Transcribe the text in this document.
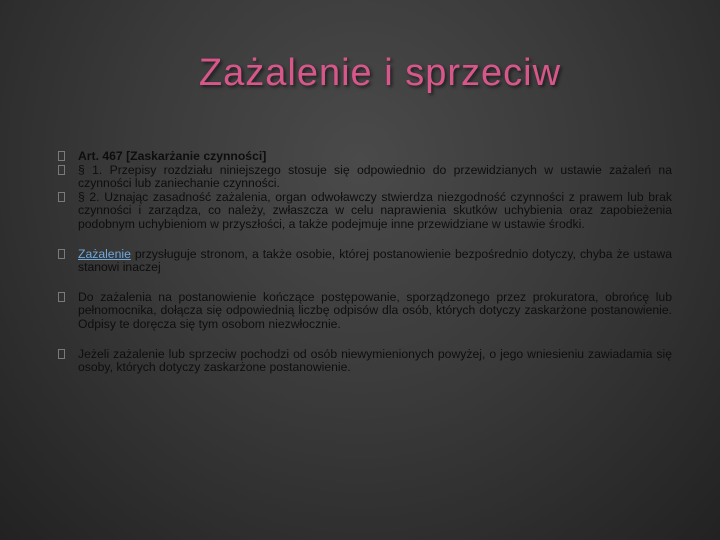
Zażalenie i sprzeciw
Art. 467 [Zaskarżanie czynności]
§ 1. Przepisy rozdziału niniejszego stosuje się odpowiednio do przewidzianych w ustawie zażaleń na czynności lub zaniechanie czynności.
§ 2. Uznając zasadność zażalenia, organ odwoławczy stwierdza niezgodność czynności z prawem lub brak czynności i zarządza, co należy, zwłaszcza w celu naprawienia skutków uchybienia oraz zapobieżenia podobnym uchybieniom w przyszłości, a także podejmuje inne przewidziane w ustawie środki.
Zażalenie przysługuje stronom, a także osobie, której postanowienie bezpośrednio dotyczy, chyba że ustawa stanowi inaczej
Do zażalenia na postanowienie kończące postępowanie, sporządzonego przez prokuratora, obrońcę lub pełnomocnika, dołącza się odpowiednią liczbę odpisów dla osób, których dotyczy zaskarżone postanowienie. Odpisy te doręcza się tym osobom niezwłocznie.
Jeżeli zażalenie lub sprzeciw pochodzi od osób niewymienionych powyżej, o jego wniesieniu zawiadamia się osoby, których dotyczy zaskarżone postanowienie.
